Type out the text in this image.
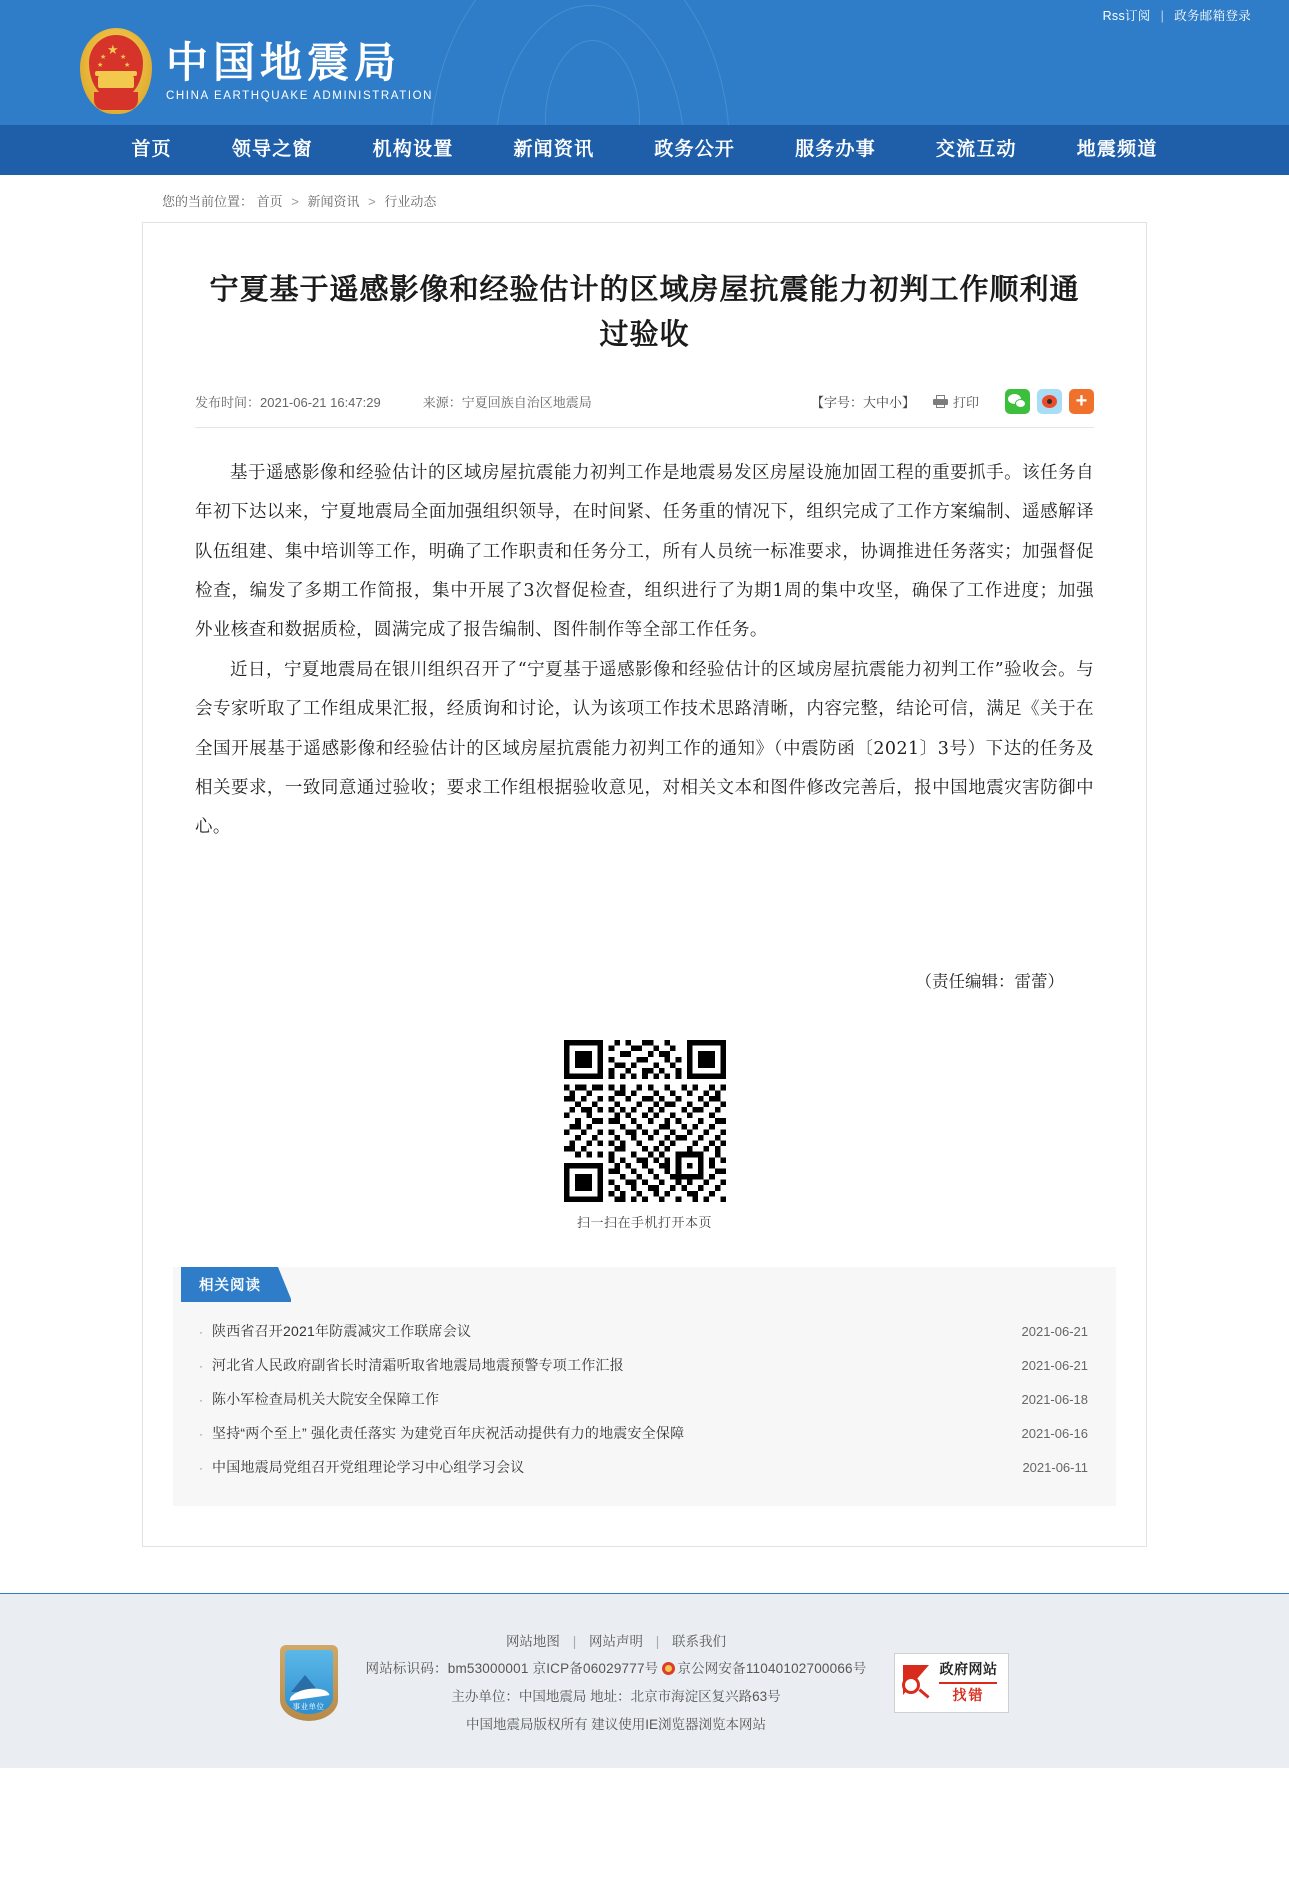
Rss订阅 | 政务邮箱登录
★
★ ★
★	★ 中国地震局
CHINA EARTHQUAKE ADMINISTRATION
首页	领导之窗	机构设置	新闻资讯	政务公开	服务办事	交流互动	地震频道
您的当前位置： 首页 > 新闻资讯 > 行业动态
宁夏基于遥感影像和经验估计的区域房屋抗震能力初判工作顺利通过验收
发布时间：2021-06-21 16:47:29	来源：宁夏回族自治区地震局	【字号：大中小】	打印	+

基于遥感影像和经验估计的区域房屋抗震能力初判工作是地震易发区房屋设施加固工程的重要抓手。该任务自年初下达以来，宁夏地震局全面加强组织领导，在时间紧、任务重的情况下，组织完成了工作方案编制、遥感解译队伍组建、集中培训等工作，明确了工作职责和任务分工，所有人员统一标准要求，协调推进任务落实；加强督促检查，编发了多期工作简报，集中开展了3次督促检查，组织进行了为期1周的集中攻坚，确保了工作进度；加强外业核查和数据质检，圆满完成了报告编制、图件制作等全部工作任务。

近日，宁夏地震局在银川组织召开了“宁夏基于遥感影像和经验估计的区域房屋抗震能力初判工作”验收会。与会专家听取了工作组成果汇报，经质询和讨论，认为该项工作技术思路清晰，内容完整，结论可信，满足《关于在全国开展基于遥感影像和经验估计的区域房屋抗震能力初判工作的通知》（中震防函〔2021〕3号）下达的任务及相关要求，一致同意通过验收；要求工作组根据验收意见，对相关文本和图件修改完善后，报中国地震灾害防御中心。

（责任编辑：雷蕾）
扫一扫在手机打开本页
相关阅读
· 陕西省召开2021年防震减灾工作联席会议	2021-06-21
· 河北省人民政府副省长时清霜听取省地震局地震预警专项工作汇报	2021-06-21
· 陈小军检查局机关大院安全保障工作	2021-06-18
· 坚持“两个至上” 强化责任落实 为建党百年庆祝活动提供有力的地震安全保障	2021-06-16
· 中国地震局党组召开党组理论学习中心组学习会议	2021-06-11
事业单位
网站地图 | 网站声明 | 联系我们
网站标识码：bm53000001 京ICP备06029777号 京公网安备11040102700066号
主办单位：中国地震局 地址：北京市海淀区复兴路63号
中国地震局版权所有 建议使用IE浏览器浏览本网站
政府网站
找错
